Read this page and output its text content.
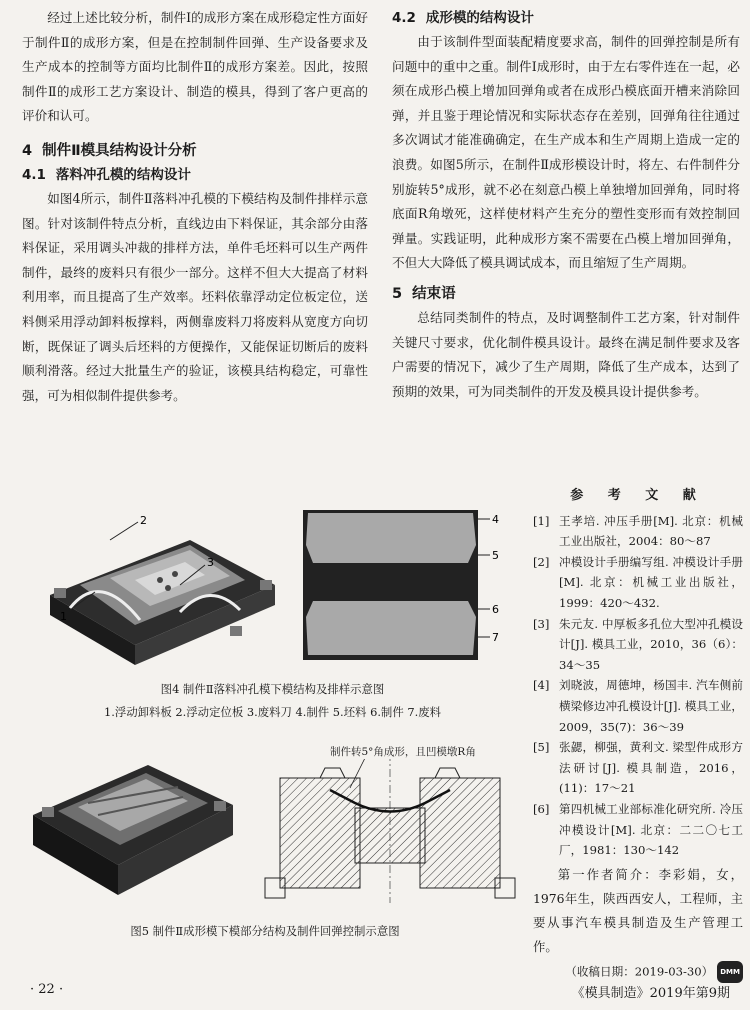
经过上述比较分析，制件Ⅰ的成形方案在成形稳定性方面好于制件Ⅱ的成形方案，但是在控制制件回弹、生产设备要求及生产成本的控制等方面均比制件Ⅱ的成形方案差。因此，按照制件Ⅱ的成形工艺方案设计、制造的模具，得到了客户更高的评价和认可。

4 制件Ⅱ模具结构设计分析
4.1 落料冲孔模的结构设计

如图4所示，制件Ⅱ落料冲孔模的下模结构及制件排样示意图。针对该制件特点分析，直线边由下料保证，其余部分由落料保证，采用调头冲裁的排样方法，单件毛坯料可以生产两件制件，最终的废料只有很少一部分。这样不但大大提高了材料利用率，而且提高了生产效率。坯料依靠浮动定位板定位，送料侧采用浮动卸料板撑料，两侧靠废料刀将废料从宽度方向切断，既保证了调头后坯料的方便操作，又能保证切断后的废料顺利滑落。经过大批量生产的验证，该模具结构稳定，可靠性强，可为相似制件提供参考。

4.2 成形模的结构设计

由于该制件型面装配精度要求高，制件的回弹控制是所有问题中的重中之重。制件Ⅰ成形时，由于左右零件连在一起，必须在成形凸模上增加回弹角或者在成形凸模底面开槽来消除回弹，并且鉴于理论情况和实际状态存在差别，回弹角往往通过多次调试才能准确确定，在生产成本和生产周期上造成一定的浪费。如图5所示，在制件Ⅱ成形模设计时，将左、右件制件分别旋转5°成形，就不必在刻意凸模上单独增加回弹角，同时将底面R角墩死，这样使材料产生充分的塑性变形而有效控制回弹量。实践证明，此种成形方案不需要在凸模上增加回弹角，不但大大降低了模具调试成本，而且缩短了生产周期。

5 结束语

总结同类制件的特点，及时调整制件工艺方案，针对制件关键尺寸要求，优化制件模具设计。最终在满足制件要求及客户需要的情况下，减少了生产周期，降低了生产成本，达到了预期的效果，可为同类制件的开发及模具设计提供参考。

2
3
1
4
5
6
7
图4 制件Ⅱ落料冲孔模下模结构及排样示意图
1.浮动卸料板 2.浮动定位板 3.废料刀 4.制件 5.坯料 6.制件 7.废料
制件转5°角成形，且凹模墩R角
图5 制件Ⅱ成形模下模部分结构及制件回弹控制示意图
参 考 文 献
[1] 王孝培. 冲压手册[M]. 北京：机械工业出版社，2004：80～87
[2] 冲模设计手册编写组. 冲模设计手册[M]. 北京：机械工业出版社，1999：420～432.
[3] 朱元友. 中厚板多孔位大型冲孔模设计[J]. 模具工业，2010，36（6）：34～35
[4] 刘晓波，周德坤，杨国丰. 汽车侧前横梁修边冲孔模设计[J]. 模具工业，2009，35(7)：36～39
[5] 张勰，柳强，黄利文. 梁型件成形方法研讨[J]. 模具制造，2016，(11)：17～21
[6] 第四机械工业部标准化研究所. 冷压冲模设计[M]. 北京：二二〇七工厂，1981：130～142

第一作者简介：李彩娟，女，1976年生，陕西西安人，工程师，主要从事汽车模具制造及生产管理工作。

（收稿日期：2019-03-30） DMM
· 22 ·	《模具制造》2019年第9期
